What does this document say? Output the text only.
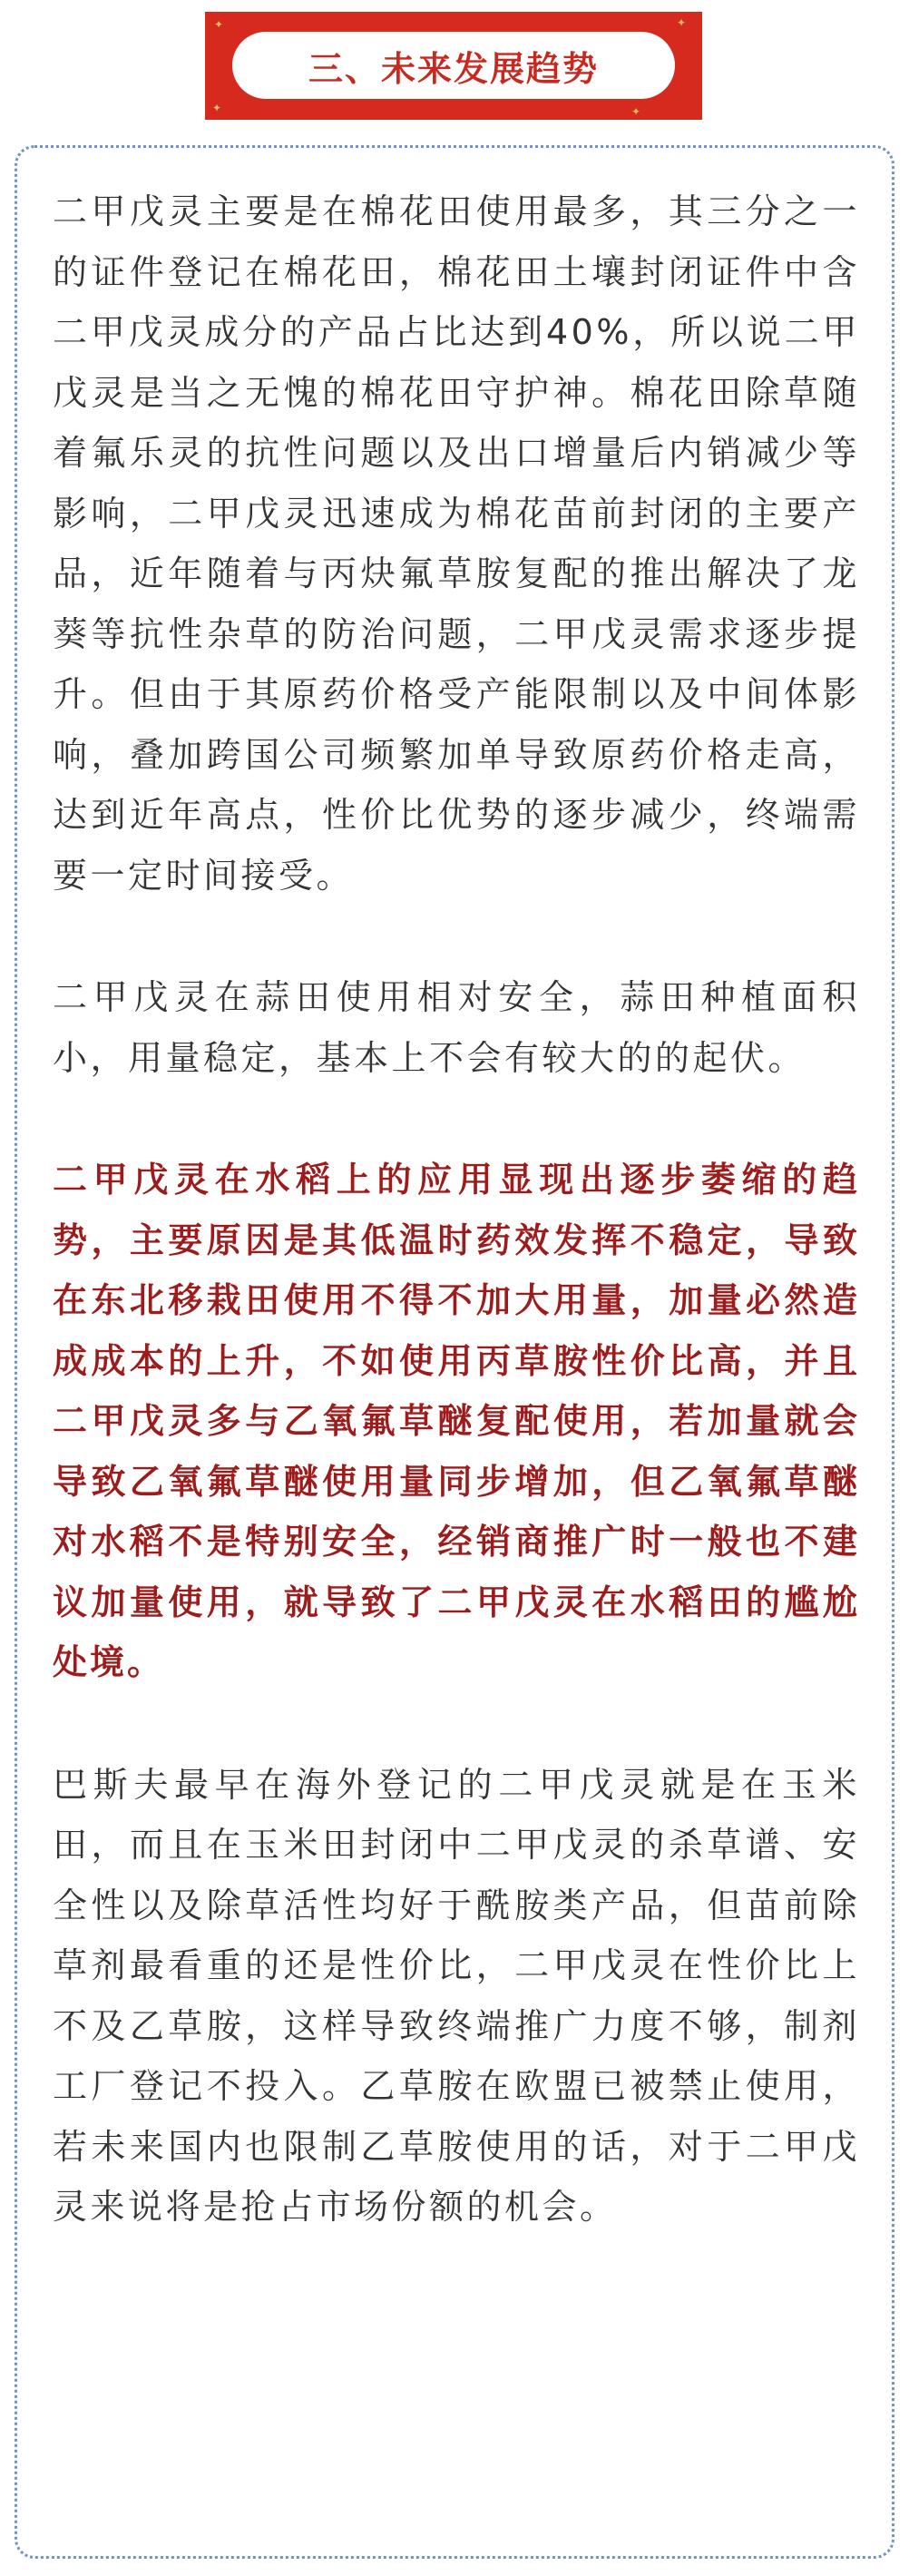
✦
✦
✦
✦
三、未来发展趋势

二甲戊灵主要是在棉花田使用最多，其三分之一的证件登记在棉花田，棉花田土壤封闭证件中含二甲戊灵成分的产品占比达到40%，所以说二甲戊灵是当之无愧的棉花田守护神。棉花田除草随着氟乐灵的抗性问题以及出口增量后内销减少等影响，二甲戊灵迅速成为棉花苗前封闭的主要产品，近年随着与丙炔氟草胺复配的推出解决了龙葵等抗性杂草的防治问题，二甲戊灵需求逐步提升。但由于其原药价格受产能限制以及中间体影响，叠加跨国公司频繁加单导致原药价格走高，达到近年高点，性价比优势的逐步减少，终端需要一定时间接受。

二甲戊灵在蒜田使用相对安全，蒜田种植面积小，用量稳定，基本上不会有较大的的起伏。

二甲戊灵在水稻上的应用显现出逐步萎缩的趋势，主要原因是其低温时药效发挥不稳定，导致在东北移栽田使用不得不加大用量，加量必然造成成本的上升，不如使用丙草胺性价比高，并且二甲戊灵多与乙氧氟草醚复配使用，若加量就会导致乙氧氟草醚使用量同步增加，但乙氧氟草醚对水稻不是特别安全，经销商推广时一般也不建议加量使用，就导致了二甲戊灵在水稻田的尴尬处境。

巴斯夫最早在海外登记的二甲戊灵就是在玉米田，而且在玉米田封闭中二甲戊灵的杀草谱、安全性以及除草活性均好于酰胺类产品，但苗前除草剂最看重的还是性价比，二甲戊灵在性价比上不及乙草胺，这样导致终端推广力度不够，制剂工厂登记不投入。乙草胺在欧盟已被禁止使用，若未来国内也限制乙草胺使用的话，对于二甲戊灵来说将是抢占市场份额的机会。
